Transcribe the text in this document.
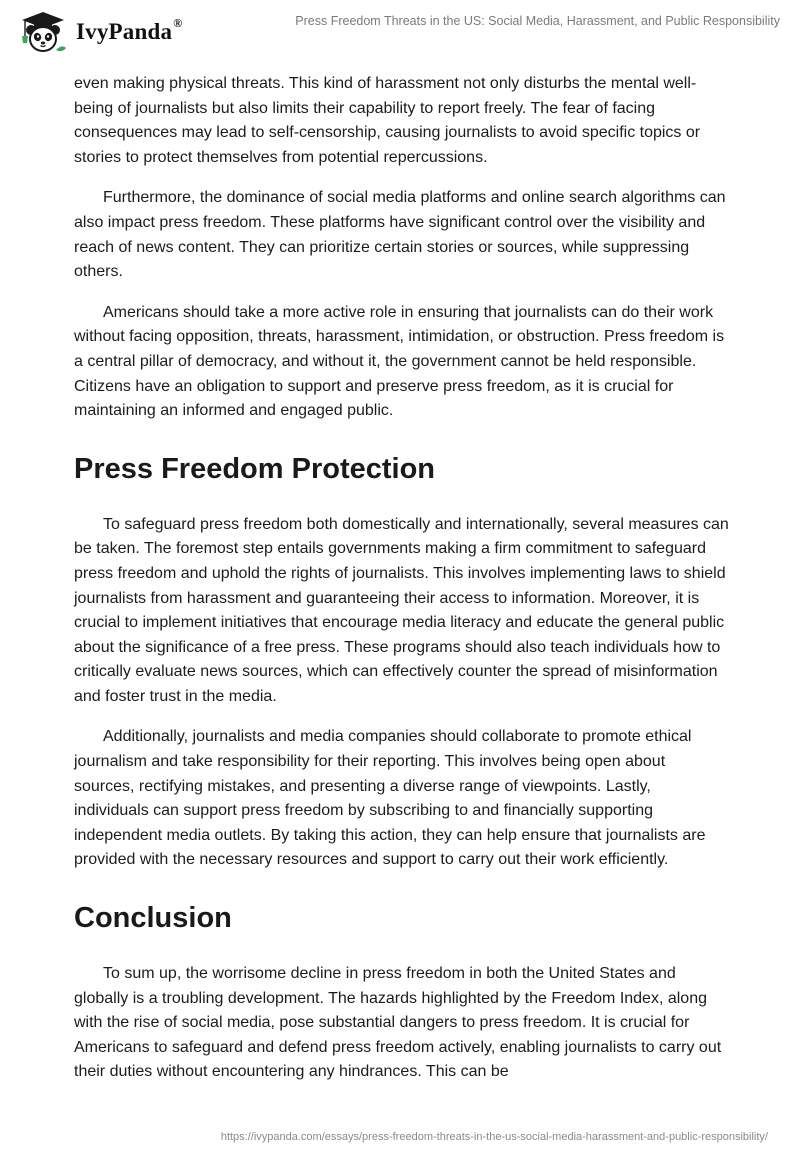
IvyPanda®	Press Freedom Threats in the US: Social Media, Harassment, and Public Responsibility

even making physical threats. This kind of harassment not only disturbs the mental well-being of journalists but also limits their capability to report freely. The fear of facing consequences may lead to self-censorship, causing journalists to avoid specific topics or stories to protect themselves from potential repercussions.

Furthermore, the dominance of social media platforms and online search algorithms can also impact press freedom. These platforms have significant control over the visibility and reach of news content. They can prioritize certain stories or sources, while suppressing others.

Americans should take a more active role in ensuring that journalists can do their work without facing opposition, threats, harassment, intimidation, or obstruction. Press freedom is a central pillar of democracy, and without it, the government cannot be held responsible. Citizens have an obligation to support and preserve press freedom, as it is crucial for maintaining an informed and engaged public.

Press Freedom Protection

To safeguard press freedom both domestically and internationally, several measures can be taken. The foremost step entails governments making a firm commitment to safeguard press freedom and uphold the rights of journalists. This involves implementing laws to shield journalists from harassment and guaranteeing their access to information. Moreover, it is crucial to implement initiatives that encourage media literacy and educate the general public about the significance of a free press. These programs should also teach individuals how to critically evaluate news sources, which can effectively counter the spread of misinformation and foster trust in the media.

Additionally, journalists and media companies should collaborate to promote ethical journalism and take responsibility for their reporting. This involves being open about sources, rectifying mistakes, and presenting a diverse range of viewpoints. Lastly, individuals can support press freedom by subscribing to and financially supporting independent media outlets. By taking this action, they can help ensure that journalists are provided with the necessary resources and support to carry out their work efficiently.

Conclusion

To sum up, the worrisome decline in press freedom in both the United States and globally is a troubling development. The hazards highlighted by the Freedom Index, along with the rise of social media, pose substantial dangers to press freedom. It is crucial for Americans to safeguard and defend press freedom actively, enabling journalists to carry out their duties without encountering any hindrances. This can be

https://ivypanda.com/essays/press-freedom-threats-in-the-us-social-media-harassment-and-public-responsibility/
